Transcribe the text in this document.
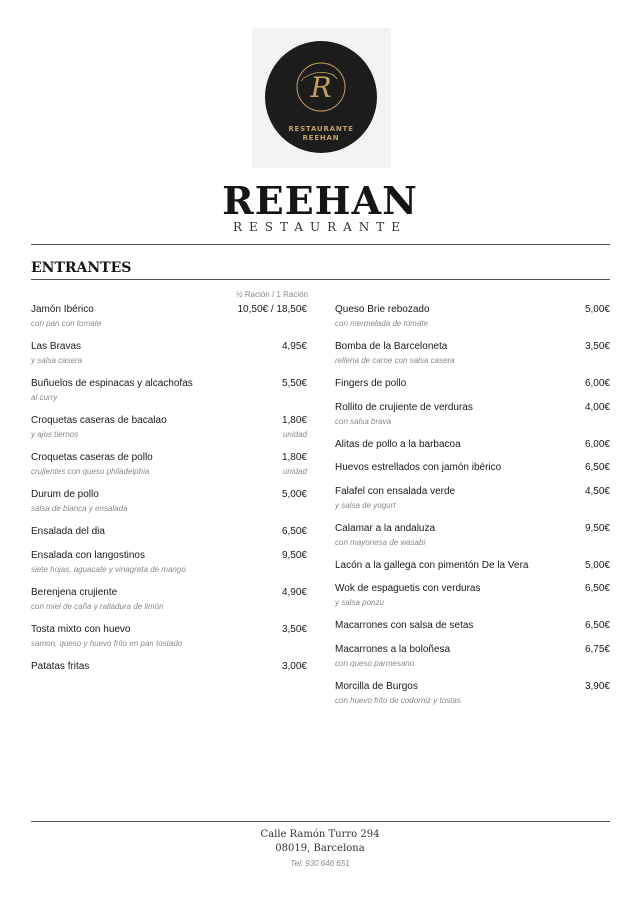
R
RESTAURANTE
REEHAN
REEHAN
RESTAURANTE
ENTRANTES
½ Ración / 1 Ración
Jamón Ibérico	10,50€ / 18,50€
con pan con tomate
Las Bravas	4,95€
y salsa casera
Buñuelos de espinacas y alcachofas	5,50€
al curry
Croquetas caseras de bacalao	1,80€
y ajos tiernos	unidad
Croquetas caseras de pollo	1,80€
crujientes con queso philadelphia	unidad
Durum de pollo	5,00€
salsa de blanca y ensalada
Ensalada del dia	6,50€
Ensalada con langostinos	9,50€
siete hojas, aguacate y vinagreta de mango
Berenjena crujiente	4,90€
con miel de caña y ralladura de limón
Tosta mixto con huevo	3,50€
samon, queso y huevo frito en pan tostado
Patatas fritas	3,00€
Queso Brie rebozado	5,00€
con mermelada de tomate
Bomba de la Barceloneta	3,50€
rellena de carne con salsa casera
Fingers de pollo	6,00€
Rollito de crujiente de verduras	4,00€
con salsa brava
Alitas de pollo a la barbacoa	6,00€
Huevos estrellados con jamón ibérico	6,50€
Falafel con ensalada verde	4,50€
y salsa de yogurt
Calamar a la andaluza	9,50€
con mayonesa de wasabi
Lacón a la gallega con pimentón De la Vera	5,00€
Wok de espaguetis con verduras	6,50€
y salsa ponzu
Macarrones con salsa de setas	6,50€
Macarrones a la boloñesa	6,75€
con queso parmesano
Morcilla de Burgos	3,90€
con huevo frito de codorniz y tostas
Calle Ramón Turro 294
08019, Barcelona
Tel: 930 646 651
